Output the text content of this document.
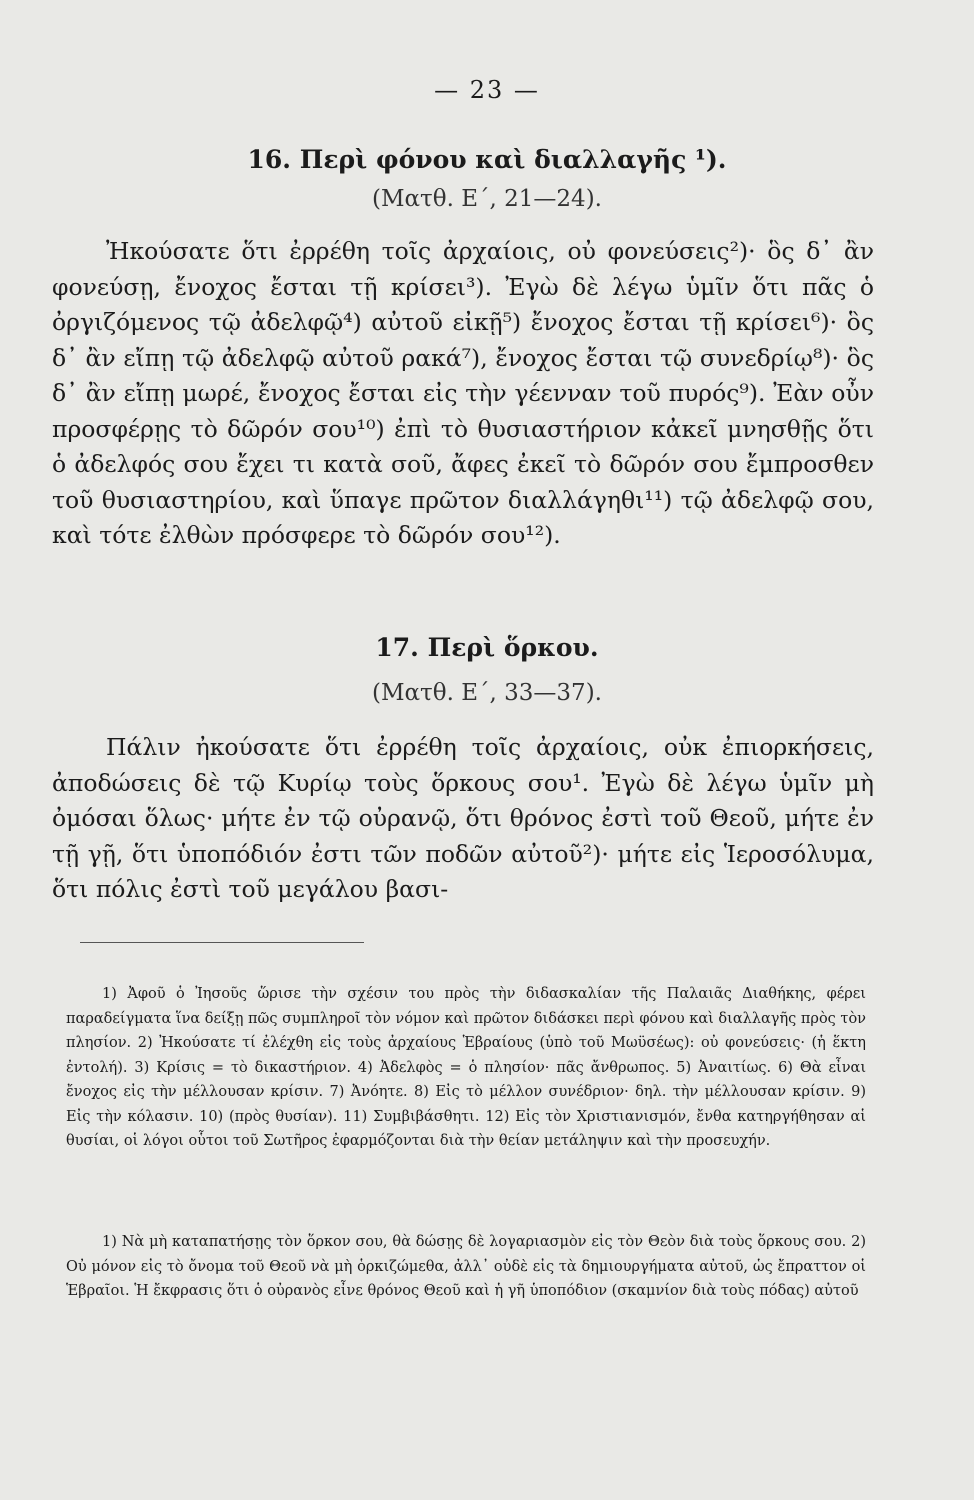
— 23 —
16. Περὶ φόνου καὶ διαλλαγῆς ¹).
(Ματθ. Ε΄, 21—24).

Ἠκούσατε ὅτι ἐρρέθη τοῖς ἀρχαίοις, οὐ φονεύσεις²)· ὃς δ᾿ ἂν φονεύσῃ, ἔνοχος ἔσται τῇ κρίσει³). Ἐγὼ δὲ λέγω ὑμῖν ὅτι πᾶς ὁ ὀργιζόμενος τῷ ἀδελφῷ⁴) αὐτοῦ εἰκῇ⁵) ἔνοχος ἔσται τῇ κρίσει⁶)· ὃς δ᾿ ἂν εἴπῃ τῷ ἀδελφῷ αὐτοῦ ρακά⁷), ἔνοχος ἔσται τῷ συνεδρίῳ⁸)· ὃς δ᾿ ἂν εἴπῃ μωρέ, ἔνοχος ἔσται εἰς τὴν γέενναν τοῦ πυρός⁹). Ἐὰν οὖν προσφέρῃς τὸ δῶρόν σου¹⁰) ἐπὶ τὸ θυσιαστήριον κἀκεῖ μνησθῇς ὅτι ὁ ἀδελφός σου ἔχει τι κατὰ σοῦ, ἄφες ἐκεῖ τὸ δῶρόν σου ἔμπροσθεν τοῦ θυσιαστηρίου, καὶ ὕπαγε πρῶτον διαλλάγηθι¹¹) τῷ ἀδελφῷ σου, καὶ τότε ἐλθὼν πρόσφερε τὸ δῶρόν σου¹²).

17. Περὶ ὅρκου.
(Ματθ. Ε΄, 33—37).

Πάλιν ἠκούσατε ὅτι ἐρρέθη τοῖς ἀρχαίοις, οὐκ ἐπιορκήσεις, ἀποδώσεις δὲ τῷ Κυρίῳ τοὺς ὅρκους σου¹. Ἐγὼ δὲ λέγω ὑμῖν μὴ ὀμόσαι ὅλως· μήτε ἐν τῷ οὐρανῷ, ὅτι θρόνος ἐστὶ τοῦ Θεοῦ, μήτε ἐν τῇ γῇ, ὅτι ὑποπόδιόν ἐστι τῶν ποδῶν αὐτοῦ²)· μήτε εἰς Ἱεροσόλυμα, ὅτι πόλις ἐστὶ τοῦ μεγάλου βασι-

1) Ἀφοῦ ὁ Ἰησοῦς ὥρισε τὴν σχέσιν του πρὸς τὴν διδασκαλίαν τῆς Παλαιᾶς Διαθήκης, φέρει παραδείγματα ἵνα δείξῃ πῶς συμπληροῖ τὸν νόμον καὶ πρῶτον διδάσκει περὶ φόνου καὶ διαλλαγῆς πρὸς τὸν πλησίον. 2) Ἠκούσατε τί ἐλέχθη εἰς τοὺς ἀρχαίους Ἑβραίους (ὑπὸ τοῦ Μωϋσέως): οὐ φονεύσεις· (ἡ ἕκτη ἐντολή). 3) Κρίσις = τὸ δικαστήριον. 4) Ἀδελφὸς = ὁ πλησίον· πᾶς ἄνθρωπος. 5) Ἀναιτίως. 6) Θὰ εἶναι ἔνοχος εἰς τὴν μέλλουσαν κρίσιν. 7) Ἀνόητε. 8) Εἰς τὸ μέλλον συνέδριον· δηλ. τὴν μέλλουσαν κρίσιν. 9) Εἰς τὴν κόλασιν. 10) (πρὸς θυσίαν). 11) Συμβιβάσθητι. 12) Εἰς τὸν Χριστιανισμόν, ἔνθα κατηργήθησαν αἱ θυσίαι, οἱ λόγοι οὗτοι τοῦ Σωτῆρος ἐφαρμόζονται διὰ τὴν θείαν μετάληψιν καὶ τὴν προσευχήν.

1) Νὰ μὴ καταπατήσῃς τὸν ὅρκον σου, θὰ δώσῃς δὲ λογαριασμὸν εἰς τὸν Θεὸν διὰ τοὺς ὅρκους σου. 2) Οὐ μόνον εἰς τὸ ὄνομα τοῦ Θεοῦ νὰ μὴ ὁρκιζώμεθα, ἀλλ᾿ οὐδὲ εἰς τὰ δημιουργήματα αὐτοῦ, ὡς ἔπραττον οἱ Ἑβραῖοι. Ἡ ἔκφρασις ὅτι ὁ οὐρανὸς εἶνε θρόνος Θεοῦ καὶ ἡ γῆ ὑποπόδιον (σκαμνίον διὰ τοὺς πόδας) αὐτοῦ
